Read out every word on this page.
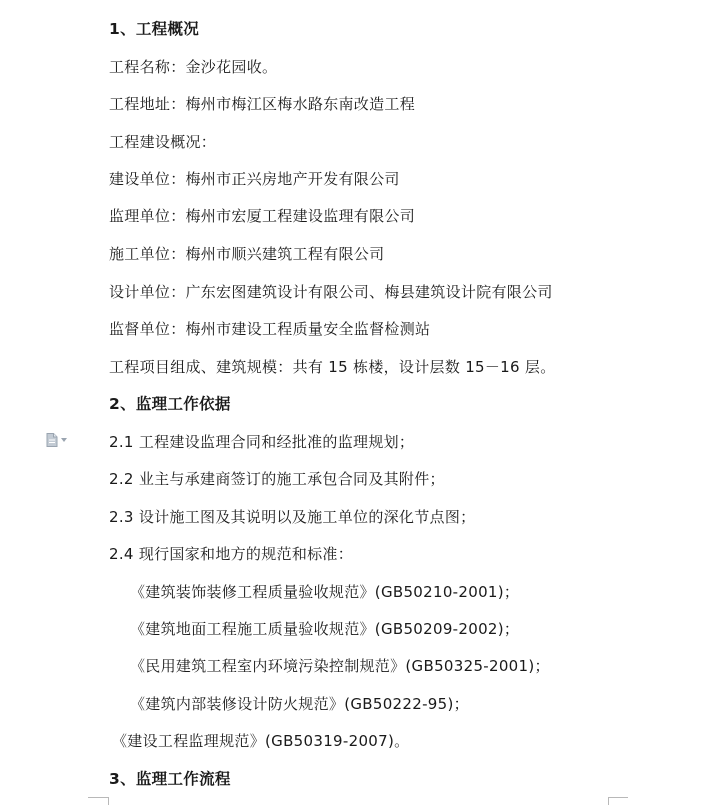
1、工程概况
工程名称：金沙花园收。
工程地址：梅州市梅江区梅水路东南改造工程
工程建设概况：
建设单位：梅州市正兴房地产开发有限公司
监理单位：梅州市宏厦工程建设监理有限公司
施工单位：梅州市顺兴建筑工程有限公司
设计单位：广东宏图建筑设计有限公司、梅县建筑设计院有限公司
监督单位：梅州市建设工程质量安全监督检测站
工程项目组成、建筑规模：共有 15 栋楼，设计层数 15－16 层。
2、监理工作依据
2.1 工程建设监理合同和经批准的监理规划；
2.2 业主与承建商签订的施工承包合同及其附件；
2.3 设计施工图及其说明以及施工单位的深化节点图；
2.4 现行国家和地方的规范和标准：
《建筑装饰装修工程质量验收规范》(GB50210-2001)；
《建筑地面工程施工质量验收规范》(GB50209-2002)；
《民用建筑工程室内环境污染控制规范》(GB50325-2001)；
《建筑内部装修设计防火规范》(GB50222-95)；
《建设工程监理规范》(GB50319-2007)。
3、监理工作流程
